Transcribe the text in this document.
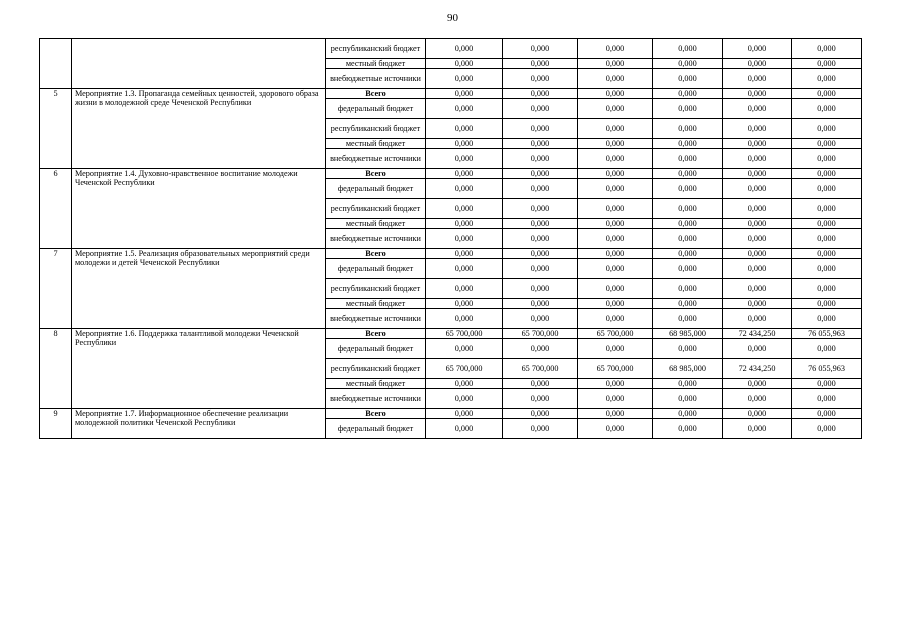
90
		республиканский бюджет	0,000	0,000	0,000	0,000	0,000	0,000
		местный бюджет	0,000	0,000	0,000	0,000	0,000	0,000
		внебюджетные источники	0,000	0,000	0,000	0,000	0,000	0,000
5	Мероприятие 1.3. Пропаганда семейных ценностей, здорового образа жизни в молодежной среде Чеченской Республики	Всего	0,000	0,000	0,000	0,000	0,000	0,000
		федеральный бюджет	0,000	0,000	0,000	0,000	0,000	0,000
		республиканский бюджет	0,000	0,000	0,000	0,000	0,000	0,000
		местный бюджет	0,000	0,000	0,000	0,000	0,000	0,000
		внебюджетные источники	0,000	0,000	0,000	0,000	0,000	0,000
6	Мероприятие 1.4. Духовно-нравственное воспитание молодежи Чеченской Республики	Всего	0,000	0,000	0,000	0,000	0,000	0,000
		федеральный бюджет	0,000	0,000	0,000	0,000	0,000	0,000
		республиканский бюджет	0,000	0,000	0,000	0,000	0,000	0,000
		местный бюджет	0,000	0,000	0,000	0,000	0,000	0,000
		внебюджетные источники	0,000	0,000	0,000	0,000	0,000	0,000
7	Мероприятие 1.5. Реализация образовательных мероприятий среди молодежи и детей Чеченской Республики	Всего	0,000	0,000	0,000	0,000	0,000	0,000
		федеральный бюджет	0,000	0,000	0,000	0,000	0,000	0,000
		республиканский бюджет	0,000	0,000	0,000	0,000	0,000	0,000
		местный бюджет	0,000	0,000	0,000	0,000	0,000	0,000
		внебюджетные источники	0,000	0,000	0,000	0,000	0,000	0,000
8	Мероприятие 1.6. Поддержка талантливой молодежи Чеченской Республики	Всего	65 700,000	65 700,000	65 700,000	68 985,000	72 434,250	76 055,963
		федеральный бюджет	0,000	0,000	0,000	0,000	0,000	0,000
		республиканский бюджет	65 700,000	65 700,000	65 700,000	68 985,000	72 434,250	76 055,963
		местный бюджет	0,000	0,000	0,000	0,000	0,000	0,000
		внебюджетные источники	0,000	0,000	0,000	0,000	0,000	0,000
9	Мероприятие 1.7. Информационное обеспечение реализации молодежной политики Чеченской Республики	Всего	0,000	0,000	0,000	0,000	0,000	0,000
		федеральный бюджет	0,000	0,000	0,000	0,000	0,000	0,000
